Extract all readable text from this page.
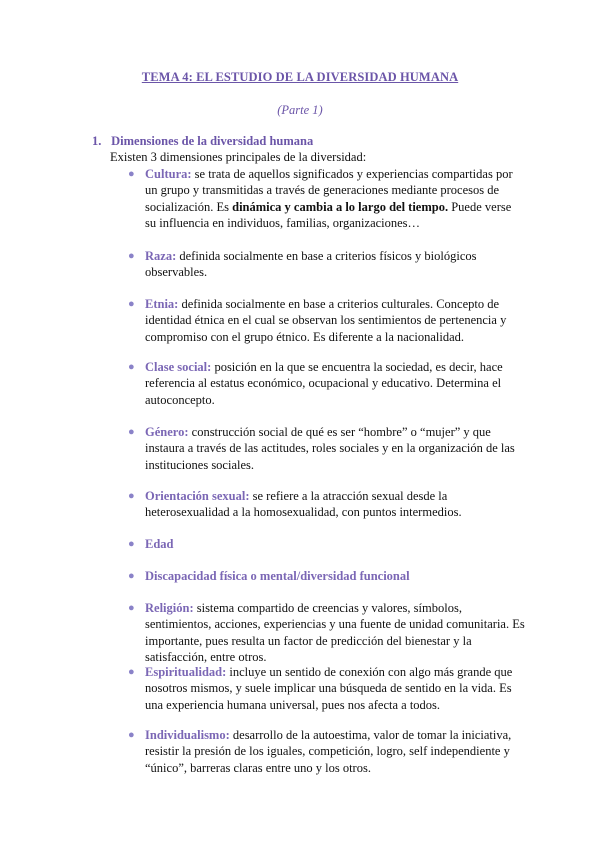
TEMA 4: EL ESTUDIO DE LA DIVERSIDAD HUMANA
(Parte 1)
1. Dimensiones de la diversidad humana
Existen 3 dimensiones principales de la diversidad:
● Cultura: se trata de aquellos significados y experiencias compartidas por un grupo y transmitidas a través de generaciones mediante procesos de socialización. Es dinámica y cambia a lo largo del tiempo. Puede verse su influencia en individuos, familias, organizaciones…
● Raza: definida socialmente en base a criterios físicos y biológicos observables.
● Etnia: definida socialmente en base a criterios culturales. Concepto de identidad étnica en el cual se observan los sentimientos de pertenencia y compromiso con el grupo étnico. Es diferente a la nacionalidad.
● Clase social: posición en la que se encuentra la sociedad, es decir, hace referencia al estatus económico, ocupacional y educativo. Determina el autoconcepto.
● Género: construcción social de qué es ser “hombre” o “mujer” y que instaura a través de las actitudes, roles sociales y en la organización de las instituciones sociales.
● Orientación sexual: se refiere a la atracción sexual desde la heterosexualidad a la homosexualidad, con puntos intermedios.
● Edad
● Discapacidad física o mental/diversidad funcional
● Religión: sistema compartido de creencias y valores, símbolos, sentimientos, acciones, experiencias y una fuente de unidad comunitaria. Es importante, pues resulta un factor de predicción del bienestar y la satisfacción, entre otros.
● Espiritualidad: incluye un sentido de conexión con algo más grande que nosotros mismos, y suele implicar una búsqueda de sentido en la vida. Es una experiencia humana universal, pues nos afecta a todos.
● Individualismo: desarrollo de la autoestima, valor de tomar la iniciativa, resistir la presión de los iguales, competición, logro, self independiente y “único”, barreras claras entre uno y los otros.
